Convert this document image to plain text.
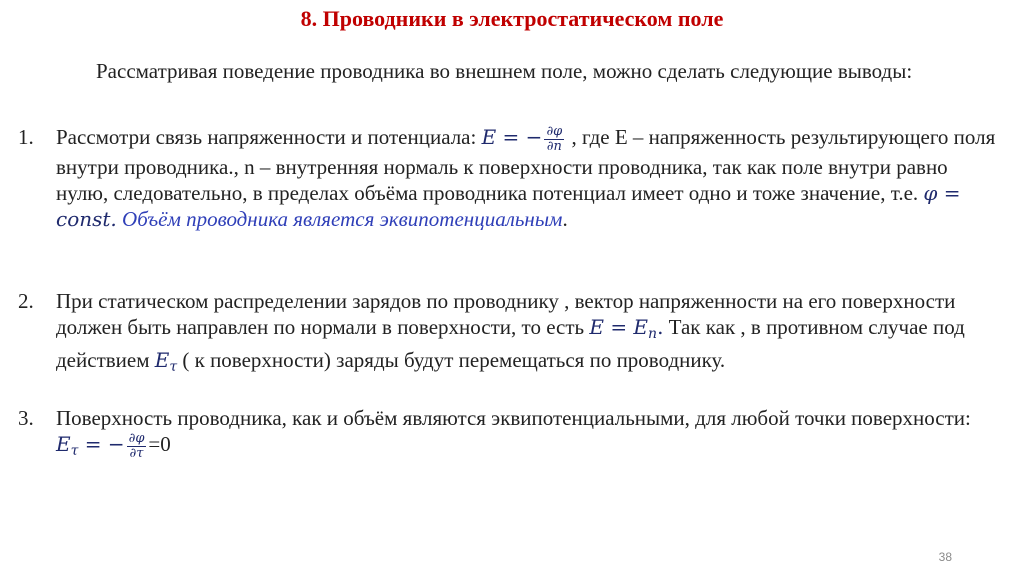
8. Проводники в электростатическом поле

Рассматривая поведение проводника во внешнем поле, можно сделать следующие выводы:

1. Рассмотри связь напряженности и потенциала: E = − $\frac{\partial\varphi}{\partial n}$ , где Е – напряженность результирующего поля внутри проводника., n – внутренняя нормаль к поверхности проводника, так как поле внутри равно нулю, следовательно, в пределах объёма проводника потенциал имеет одно и тоже значение, т.е. φ = const. Объём проводника является эквипотенциальным.
2. При статическом распределении зарядов по проводнику , вектор напряженности на его поверхности должен быть направлен по нормали в поверхности, то есть $E = E_n$. Так как , в противном случае под действием $E_\tau$ ( к поверхности) заряды будут перемещаться по проводнику.
3. Поверхность проводника, как и объём являются эквипотенциальными, для любой точки поверхности: $E_\tau$ = − $\frac{\partial\varphi}{\partial\tau} =0$
38
